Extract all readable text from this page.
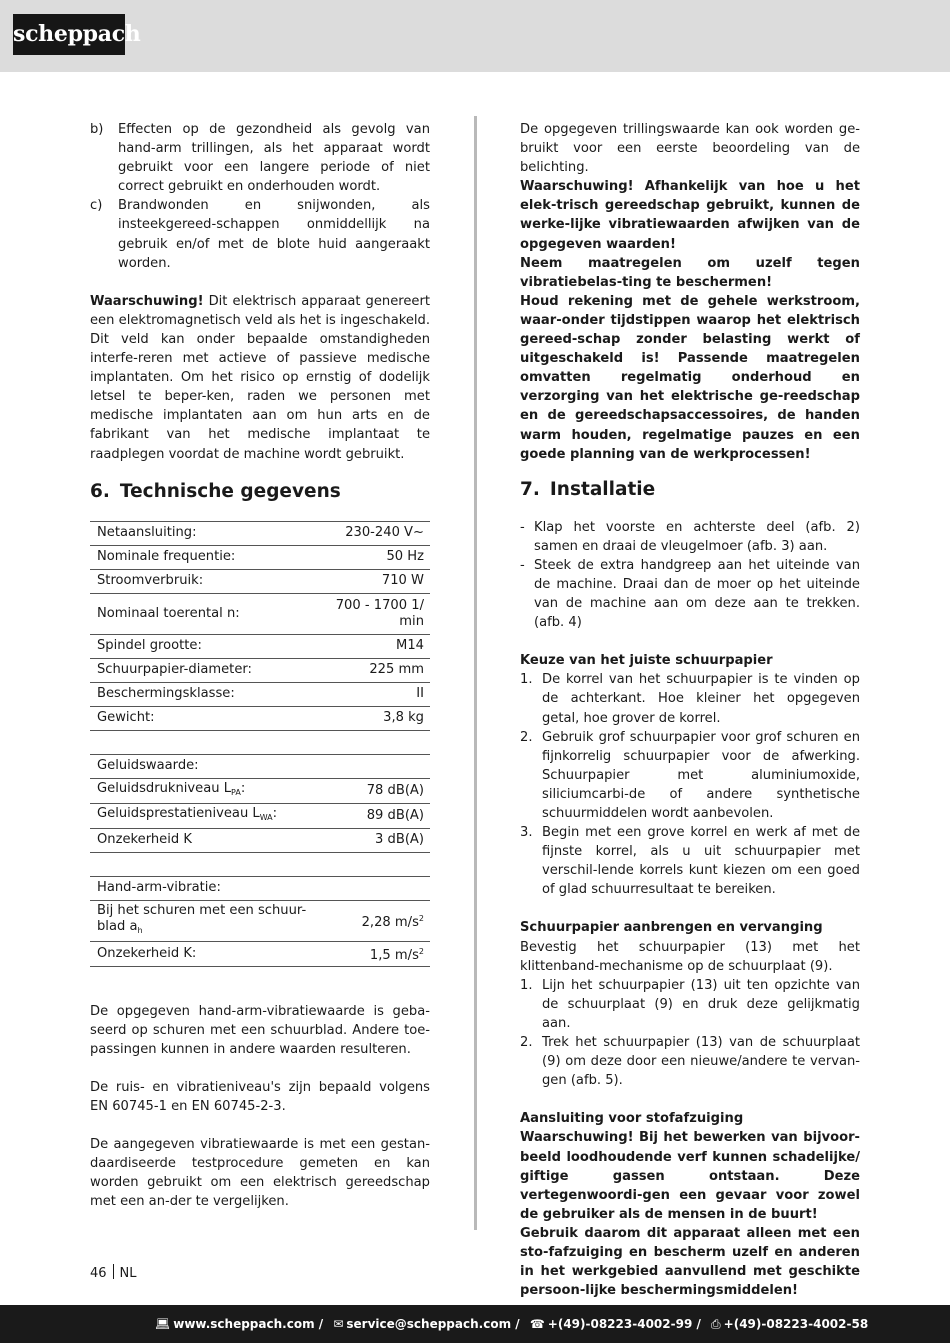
scheppach
b)	Effecten op de gezondheid als gevolg van hand-arm trillingen, als het apparaat wordt gebruikt voor een langere periode of niet correct gebruikt en onderhouden wordt.
c)	Brandwonden en snijwonden, als insteekgereed-schappen onmiddellijk na gebruik en/of met de blote huid aangeraakt worden.

Waarschuwing! Dit elektrisch apparaat genereert een elektromagnetisch veld als het is ingeschakeld. Dit veld kan onder bepaalde omstandigheden interfe-reren met actieve of passieve medische implantaten. Om het risico op ernstig of dodelijk letsel te beper-ken, raden we personen met medische implantaten aan om hun arts en de fabrikant van het medische implantaat te raadplegen voordat de machine wordt gebruikt.

6. Technische gegevens
Netaansluiting:	230-240 V~
Nominale frequentie:	50 Hz
Stroomverbruik:	710 W
Nominaal toerental n:	700 - 1700 1/ min
Spindel grootte:	M14
Schuurpapier-diameter:	225 mm
Beschermingsklasse:	II
Gewicht:	3,8 kg

Geluidswaarde:	
Geluidsdrukniveau $L_{PA}$:	78 dB(A)
Geluidsprestatieniveau $L_{WA}$:	89 dB(A)
Onzekerheid K	3 dB(A)

Hand-arm-vibratie:	
Bij het schuren met een schuur-blad $a_h$	2,28 $m/s^2$
Onzekerheid K:	1,5 $m/s^2$

De opgegeven hand-arm-vibratiewaarde is geba-seerd op schuren met een schuurblad. Andere toe-passingen kunnen in andere waarden resulteren.

De ruis- en vibratieniveau's zijn bepaald volgens EN 60745-1 en EN 60745-2-3.

De aangegeven vibratiewaarde is met een gestan-daardiseerde testprocedure gemeten en kan worden gebruikt om een elektrisch gereedschap met een an-der te vergelijken.

De opgegeven trillingswaarde kan ook worden ge-bruikt voor een eerste beoordeling van de belichting.

Waarschuwing! Afhankelijk van hoe u het elek-trisch gereedschap gebruikt, kunnen de werke-lijke vibratiewaarden afwijken van de opgegeven waarden!

Neem maatregelen om uzelf tegen vibratiebelas-ting te beschermen!

Houd rekening met de gehele werkstroom, waar-onder tijdstippen waarop het elektrisch gereed-schap zonder belasting werkt of uitgeschakeld is! Passende maatregelen omvatten regelmatig onderhoud en verzorging van het elektrische ge-reedschap en de gereedschapsaccessoires, de handen warm houden, regelmatige pauzes en een goede planning van de werkprocessen!

7. Installatie
- Klap het voorste en achterste deel (afb. 2) samen en draai de vleugelmoer (afb. 3) aan.
- Steek de extra handgreep aan het uiteinde van de machine. Draai dan de moer op het uiteinde van de machine aan om deze aan te trekken. (afb. 4)

Keuze van het juiste schuurpapier

1. De korrel van het schuurpapier is te vinden op de achterkant. Hoe kleiner het opgegeven getal, hoe grover de korrel.
2. Gebruik grof schuurpapier voor grof schuren en fijnkorrelig schuurpapier voor de afwerking. Schuurpapier met aluminiumoxide, siliciumcarbi-de of andere synthetische schuurmiddelen wordt aanbevolen.
3. Begin met een grove korrel en werk af met de fijnste korrel, als u uit schuurpapier met verschil-lende korrels kunt kiezen om een goed of glad schuurresultaat te bereiken.

Schuurpapier aanbrengen en vervanging

Bevestig het schuurpapier (13) met het klittenband-mechanisme op de schuurplaat (9).

1. Lijn het schuurpapier (13) uit ten opzichte van de schuurplaat (9) en druk deze gelijkmatig aan.
2. Trek het schuurpapier (13) van de schuurplaat (9) om deze door een nieuwe/andere te vervan-gen (afb. 5).

Aansluiting voor stofafzuiging

Waarschuwing! Bij het bewerken van bijvoor-beeld loodhoudende verf kunnen schadelijke/ giftige gassen ontstaan. Deze vertegenwoordi-gen een gevaar voor zowel de gebruiker als de mensen in de buurt!

Gebruik daarom dit apparaat alleen met een sto-fafzuiging en bescherm uzelf en anderen in het werkgebied aanvullend met geschikte persoon-lijke beschermingsmiddelen!

46 NL
💻︎ www.scheppach.com / ✉ service@scheppach.com / ☎ +(49)-08223-4002-99 / ⎙ +(49)-08223-4002-58
